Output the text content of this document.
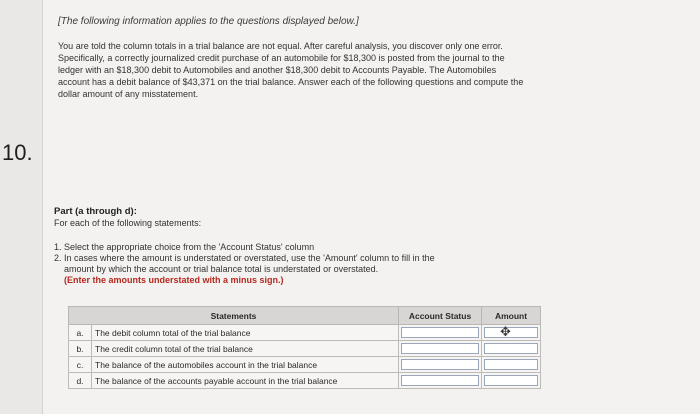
10.
[The following information applies to the questions displayed below.]
You are told the column totals in a trial balance are not equal. After careful analysis, you discover only one error. Specifically, a correctly journalized credit purchase of an automobile for $18,300 is posted from the journal to the ledger with an $18,300 debit to Automobiles and another $18,300 debit to Accounts Payable. The Automobiles account has a debit balance of $43,371 on the trial balance. Answer each of the following questions and compute the dollar amount of any misstatement.
Part (a through d):
For each of the following statements:
1. Select the appropriate choice from the 'Account Status' column
2. In cases where the amount is understated or overstated, use the 'Amount' column to fill in the
amount by which the account or trial balance total is understated or overstated.
(Enter the amounts understated with a minus sign.)
Statements		Account Status	Amount
a.	The debit column total of the trial balance		✥

b.	The credit column total of the trial balance	

c.	The balance of the automobiles account in the trial balance	

d.	The balance of the accounts payable account in the trial balance	
